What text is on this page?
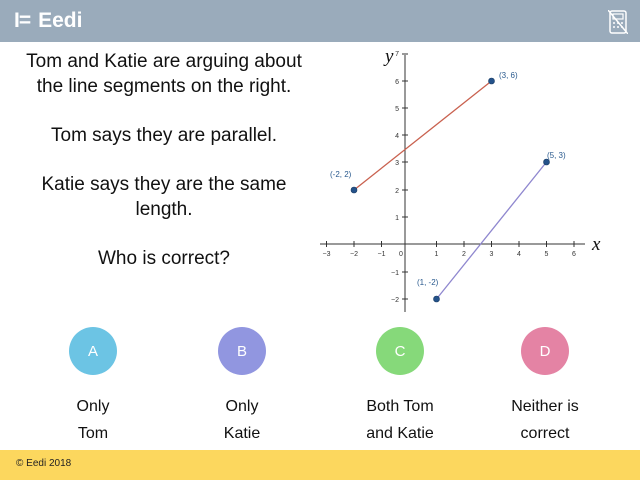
I= Eedi

Tom and Katie are arguing about the line segments on the right.

Tom says they are parallel.

Katie says they are the same length.

Who is correct?	−3	−2	−1 0	1	2	3	4	5	6
7
6
5
4
3
2
1
−1
−2
y
x
(-2, 2)
(3, 6)
(1, -2)
(5, 3)
A
Only
Tom
B
Only
Katie
C
Both Tom
and Katie
D
Neither is
correct
© Eedi 2018
